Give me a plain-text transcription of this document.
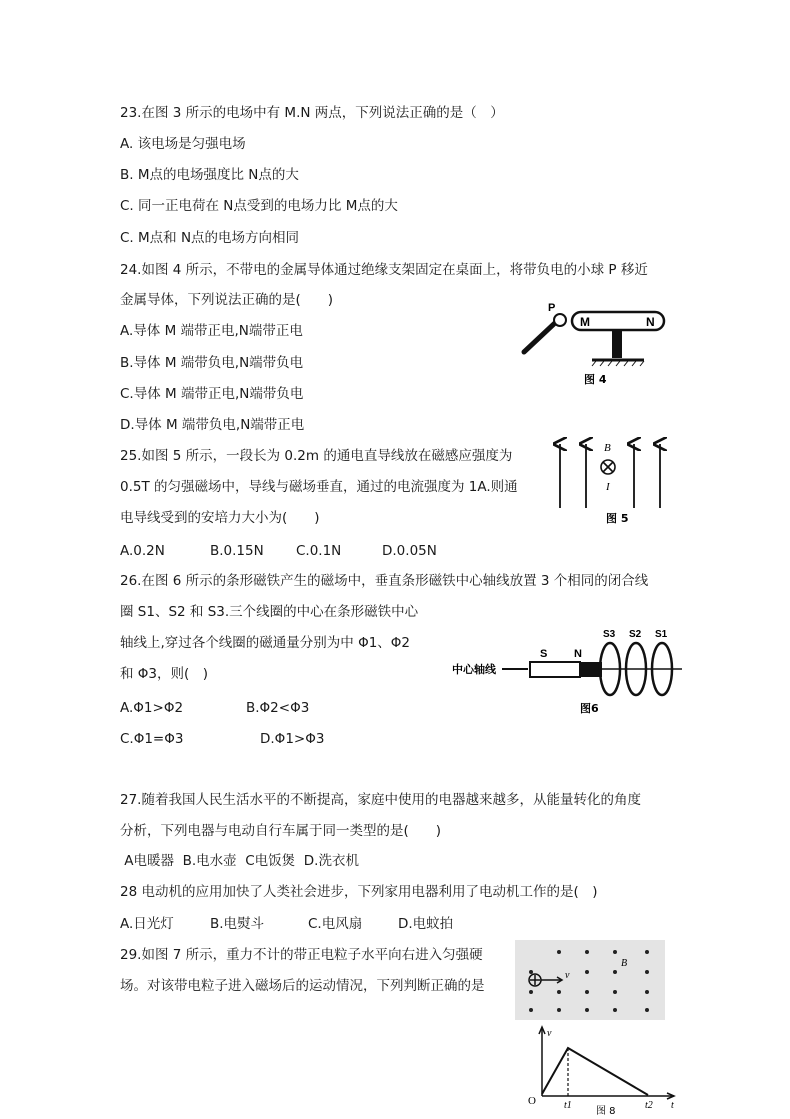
23.在图 3 所示的电场中有 M.N 两点，下列说法正确的是（　）
A. 该电场是匀强电场
B. M点的电场强度比 N点的大
C. 同一正电荷在 N点受到的电场力比 M点的大
C. M点和 N点的电场方向相同
24.如图 4 所示，不带电的金属导体通过绝缘支架固定在桌面上，将带负电的小球 P 移近
金属导体，下列说法正确的是(　　)
A.导体 M 端带正电,N端带正电
B.导体 M 端带负电,N端带负电
C.导体 M 端带正电,N端带负电
D.导体 M 端带负电,N端带正电
P
M	N
图 4
25.如图 5 所示，一段长为 0.2m 的通电直导线放在磁感应强度为
0.5T 的匀强磁场中，导线与磁场垂直，通过的电流强度为 1A.则通
电导线受到的安培力大小为(　　)
A.0.2N	B.0.15N C.0.1N	D.0.05N
B
I
图 5
26.在图 6 所示的条形磁铁产生的磁场中，垂直条形磁铁中心轴线放置 3 个相同的闭合线
圈 S1、S2 和 S3.三个线圈的中心在条形磁铁中心
轴线上,穿过各个线圈的磁通量分别为中 Φ1、Φ2
和 Φ3，则(　)
A.Φ1>Φ2	B.Φ2<Φ3
C.Φ1=Φ3	D.Φ1>Φ3
中心轴线
S N
S3 S2 S1
图6
27.随着我国人民生活水平的不断提高，家庭中使用的电器越来越多，从能量转化的角度
分析，下列电器与电动自行车属于同一类型的是(　　)
A电暖器  B.电水壶  C电饭煲  D.洗衣机
28 电动机的应用加快了人类社会进步，下列家用电器利用了电动机工作的是(　)
A.日光灯	B.电熨斗	C.电风扇	D.电蚊拍
29.如图 7 所示，重力不计的带正电粒子水平向右进入匀强硬
场。对该带电粒子进入磁场后的运动情况，下列判断正确的是
v
B
v
O	t1	t2 t
图 8
